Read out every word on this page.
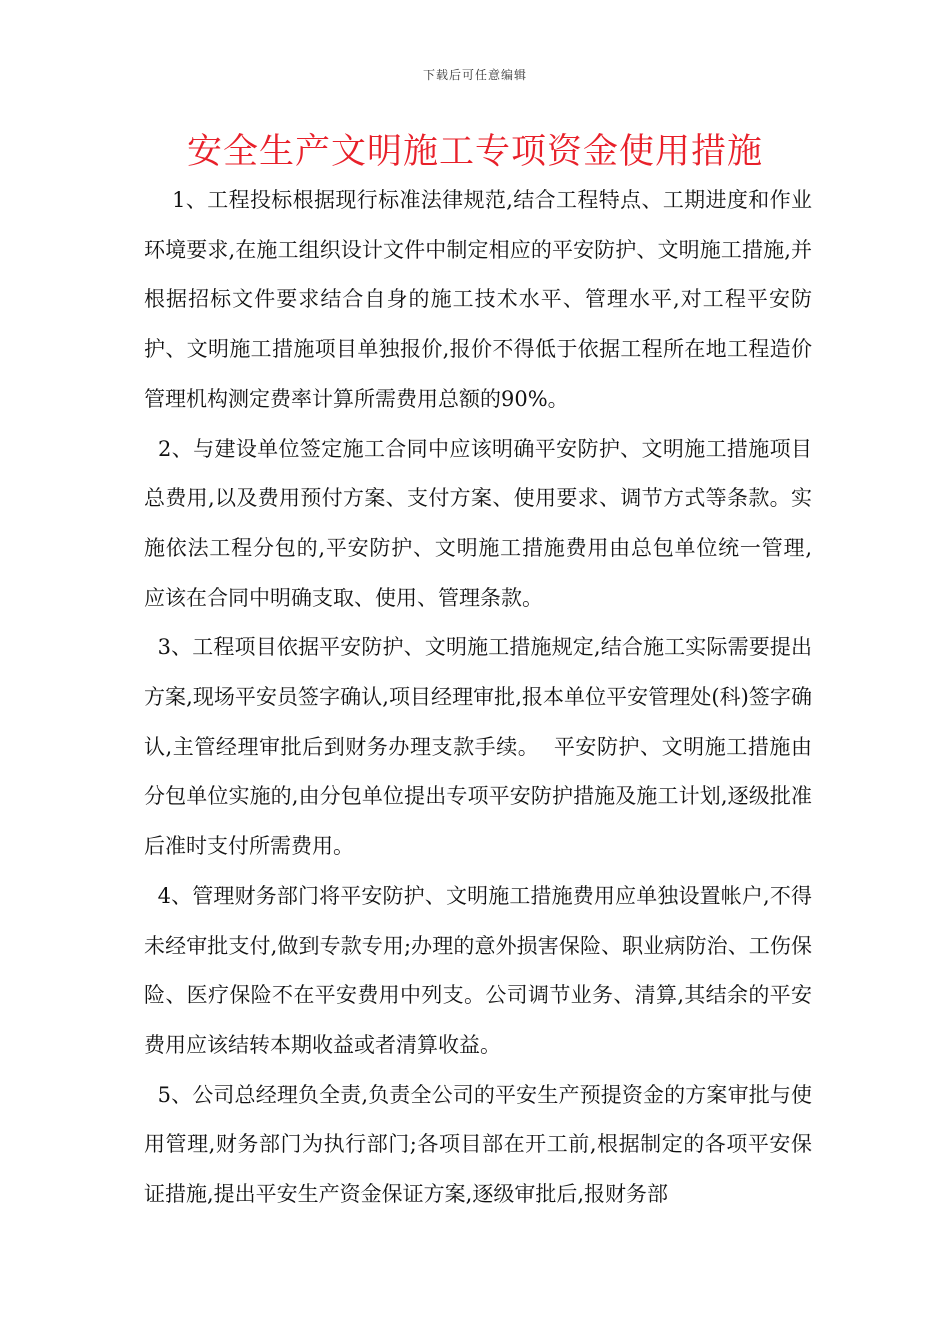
下载后可任意编辑
安全生产文明施工专项资金使用措施

1、工程投标根据现行标准法律规范,结合工程特点、工期进度和作业环境要求,在施工组织设计文件中制定相应的平安防护、文明施工措施,并根据招标文件要求结合自身的施工技术水平、管理水平,对工程平安防护、文明施工措施项目单独报价,报价不得低于依据工程所在地工程造价管理机构测定费率计算所需费用总额的90%。

2、与建设单位签定施工合同中应该明确平安防护、文明施工措施项目总费用,以及费用预付方案、支付方案、使用要求、调节方式等条款。实施依法工程分包的,平安防护、文明施工措施费用由总包单位统一管理, 应该在合同中明确支取、使用、管理条款。

3、工程项目依据平安防护、文明施工措施规定,结合施工实际需要提出方案,现场平安员签字确认,项目经理审批,报本单位平安管理处(科)签字确认,主管经理审批后到财务办理支款手续。  平安防护、文明施工措施由分包单位实施的,由分包单位提出专项平安防护措施及施工计划,逐级批准后准时支付所需费用。

4、管理财务部门将平安防护、文明施工措施费用应单独设置帐户,不得未经审批支付,做到专款专用;办理的意外损害保险、职业病防治、工伤保险、医疗保险不在平安费用中列支。公司调节业务、清算,其结余的平安费用应该结转本期收益或者清算收益。

5、公司总经理负全责,负责全公司的平安生产预提资金的方案审批与使用管理,财务部门为执行部门;各项目部在开工前,根据制定的各项平安保证措施,提出平安生产资金保证方案,逐级审批后,报财务部
